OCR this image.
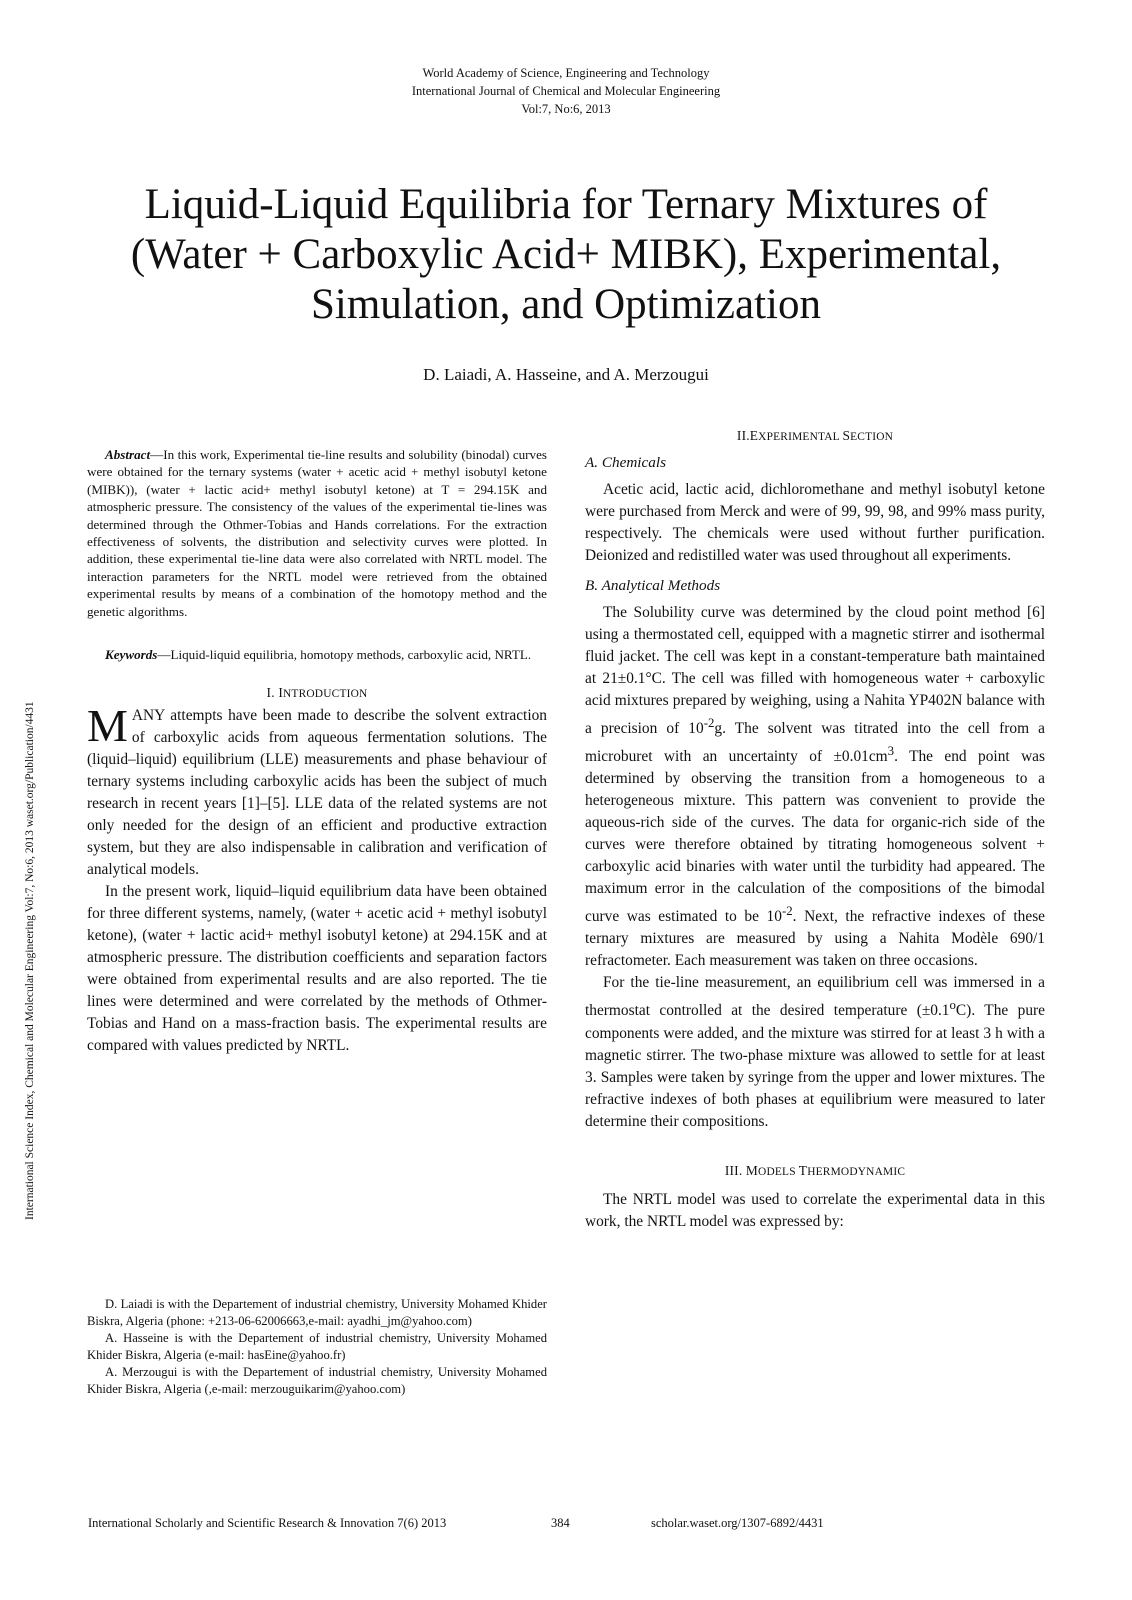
World Academy of Science, Engineering and Technology
International Journal of Chemical and Molecular Engineering
Vol:7, No:6, 2013
Liquid-Liquid Equilibria for Ternary Mixtures of
(Water + Carboxylic Acid+ MIBK), Experimental,
Simulation, and Optimization
D. Laiadi, A. Hasseine, and A. Merzougui
International Science Index, Chemical and Molecular Engineering Vol:7, No:6, 2013 waset.org/Publication/4431

Abstract—In this work, Experimental tie-line results and solubility (binodal) curves were obtained for the ternary systems (water + acetic acid + methyl isobutyl ketone (MIBK)), (water + lactic acid+ methyl isobutyl ketone) at T = 294.15K and atmospheric pressure. The consistency of the values of the experimental tie-lines was determined through the Othmer-Tobias and Hands correlations. For the extraction effectiveness of solvents, the distribution and selectivity curves were plotted. In addition, these experimental tie-line data were also correlated with NRTL model. The interaction parameters for the NRTL model were retrieved from the obtained experimental results by means of a combination of the homotopy method and the genetic algorithms.

Keywords—Liquid-liquid equilibria, homotopy methods, carboxylic acid, NRTL.

I. INTRODUCTION

MANY attempts have been made to describe the solvent extraction of carboxylic acids from aqueous fermentation solutions. The (liquid–liquid) equilibrium (LLE) measurements and phase behaviour of ternary systems including carboxylic acids has been the subject of much research in recent years [1]–[5]. LLE data of the related systems are not only needed for the design of an efficient and productive extraction system, but they are also indispensable in calibration and verification of analytical models.

In the present work, liquid–liquid equilibrium data have been obtained for three different systems, namely, (water + acetic acid + methyl isobutyl ketone), (water + lactic acid+ methyl isobutyl ketone) at 294.15K and at atmospheric pressure. The distribution coefficients and separation factors were obtained from experimental results and are also reported. The tie lines were determined and were correlated by the methods of Othmer-Tobias and Hand on a mass-fraction basis. The experimental results are compared with values predicted by NRTL.

II.EXPERIMENTAL SECTION

A. Chemicals

Acetic acid, lactic acid, dichloromethane and methyl isobutyl ketone were purchased from Merck and were of 99, 99, 98, and 99% mass purity, respectively. The chemicals were used without further purification. Deionized and redistilled water was used throughout all experiments.

B. Analytical Methods

The Solubility curve was determined by the cloud point method [6] using a thermostated cell, equipped with a magnetic stirrer and isothermal fluid jacket. The cell was kept in a constant-temperature bath maintained at 21±0.1°C. The cell was filled with homogeneous water + carboxylic acid mixtures prepared by weighing, using a Nahita YP402N balance with a precision of $10^{-2}g$. The solvent was titrated into the cell from a microburet with an uncertainty of $\pm 0.01cm^3$. The end point was determined by observing the transition from a homogeneous to a heterogeneous mixture. This pattern was convenient to provide the aqueous-rich side of the curves. The data for organic-rich side of the curves were therefore obtained by titrating homogeneous solvent + carboxylic acid binaries with water until the turbidity had appeared. The maximum error in the calculation of the compositions of the bimodal curve was estimated to be $10^{-2}$. Next, the refractive indexes of these ternary mixtures are measured by using a Nahita Modèle 690/1 refractometer. Each measurement was taken on three occasions.

For the tie-line measurement, an equilibrium cell was immersed in a thermostat controlled at the desired temperature $(\pm 0.1^oC)$. The pure components were added, and the mixture was stirred for at least 3 h with a magnetic stirrer. The two-phase mixture was allowed to settle for at least 3. Samples were taken by syringe from the upper and lower mixtures. The refractive indexes of both phases at equilibrium were measured to later determine their compositions.

III. MODELS THERMODYNAMIC

The NRTL model was used to correlate the experimental data in this work, the NRTL model was expressed by:

D. Laiadi is with the Departement of industrial chemistry, University Mohamed Khider Biskra, Algeria (phone: +213-06-62006663,e-mail: ayadhi_jm@yahoo.com)

A. Hasseine is with the Departement of industrial chemistry, University Mohamed Khider Biskra, Algeria (e-mail: hasEine@yahoo.fr)

A. Merzougui is with the Departement of industrial chemistry, University Mohamed Khider Biskra, Algeria (,e-mail: merzouguikarim@yahoo.com)

International Scholarly and Scientific Research & Innovation 7(6) 2013	384	scholar.waset.org/1307-6892/4431
